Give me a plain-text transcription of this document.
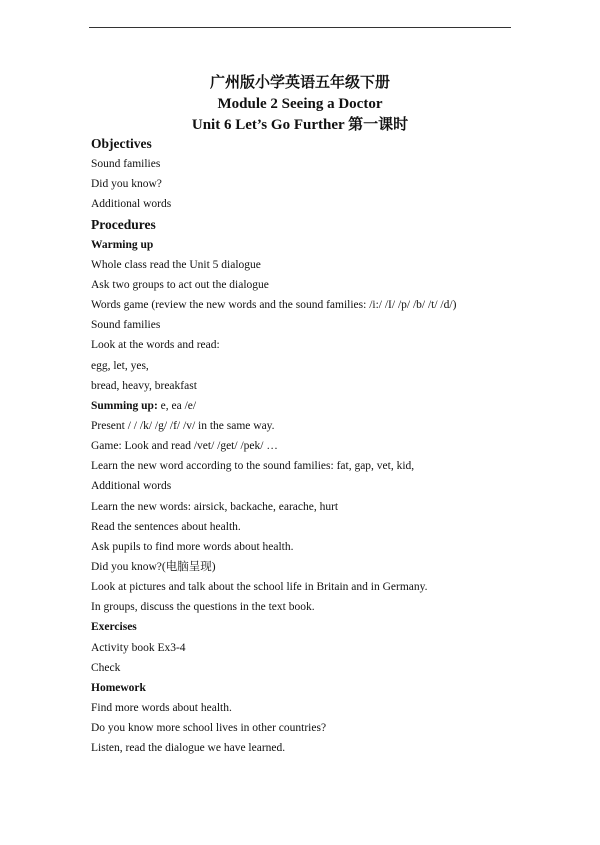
广州版小学英语五年级下册
Module 2 Seeing a Doctor
Unit 6 Let’s Go Further 第一课时
Objectives
Sound families
Did you know?
Additional words
Procedures
Warming up
Whole class read the Unit 5 dialogue
Ask two groups to act out the dialogue
Words game (review the new words and the sound families: /i:/ /I/ /p/ /b/ /t/ /d/)
Sound families
Look at the words and read:
egg, let, yes,
bread, heavy, breakfast
Summing up: e, ea /e/
Present / / /k/ /g/ /f/ /v/ in the same way.
Game: Look and read /vet/ /get/ /pek/ …
Learn the new word according to the sound families: fat, gap, vet, kid,
Additional words
Learn the new words: airsick, backache, earache, hurt
Read the sentences about health.
Ask pupils to find more words about health.
Did you know?(电脑呈现)
Look at pictures and talk about the school life in Britain and in Germany.
In groups, discuss the questions in the text book.
Exercises
Activity book Ex3-4
Check
Homework
Find more words about health.
Do you know more school lives in other countries?
Listen, read the dialogue we have learned.
